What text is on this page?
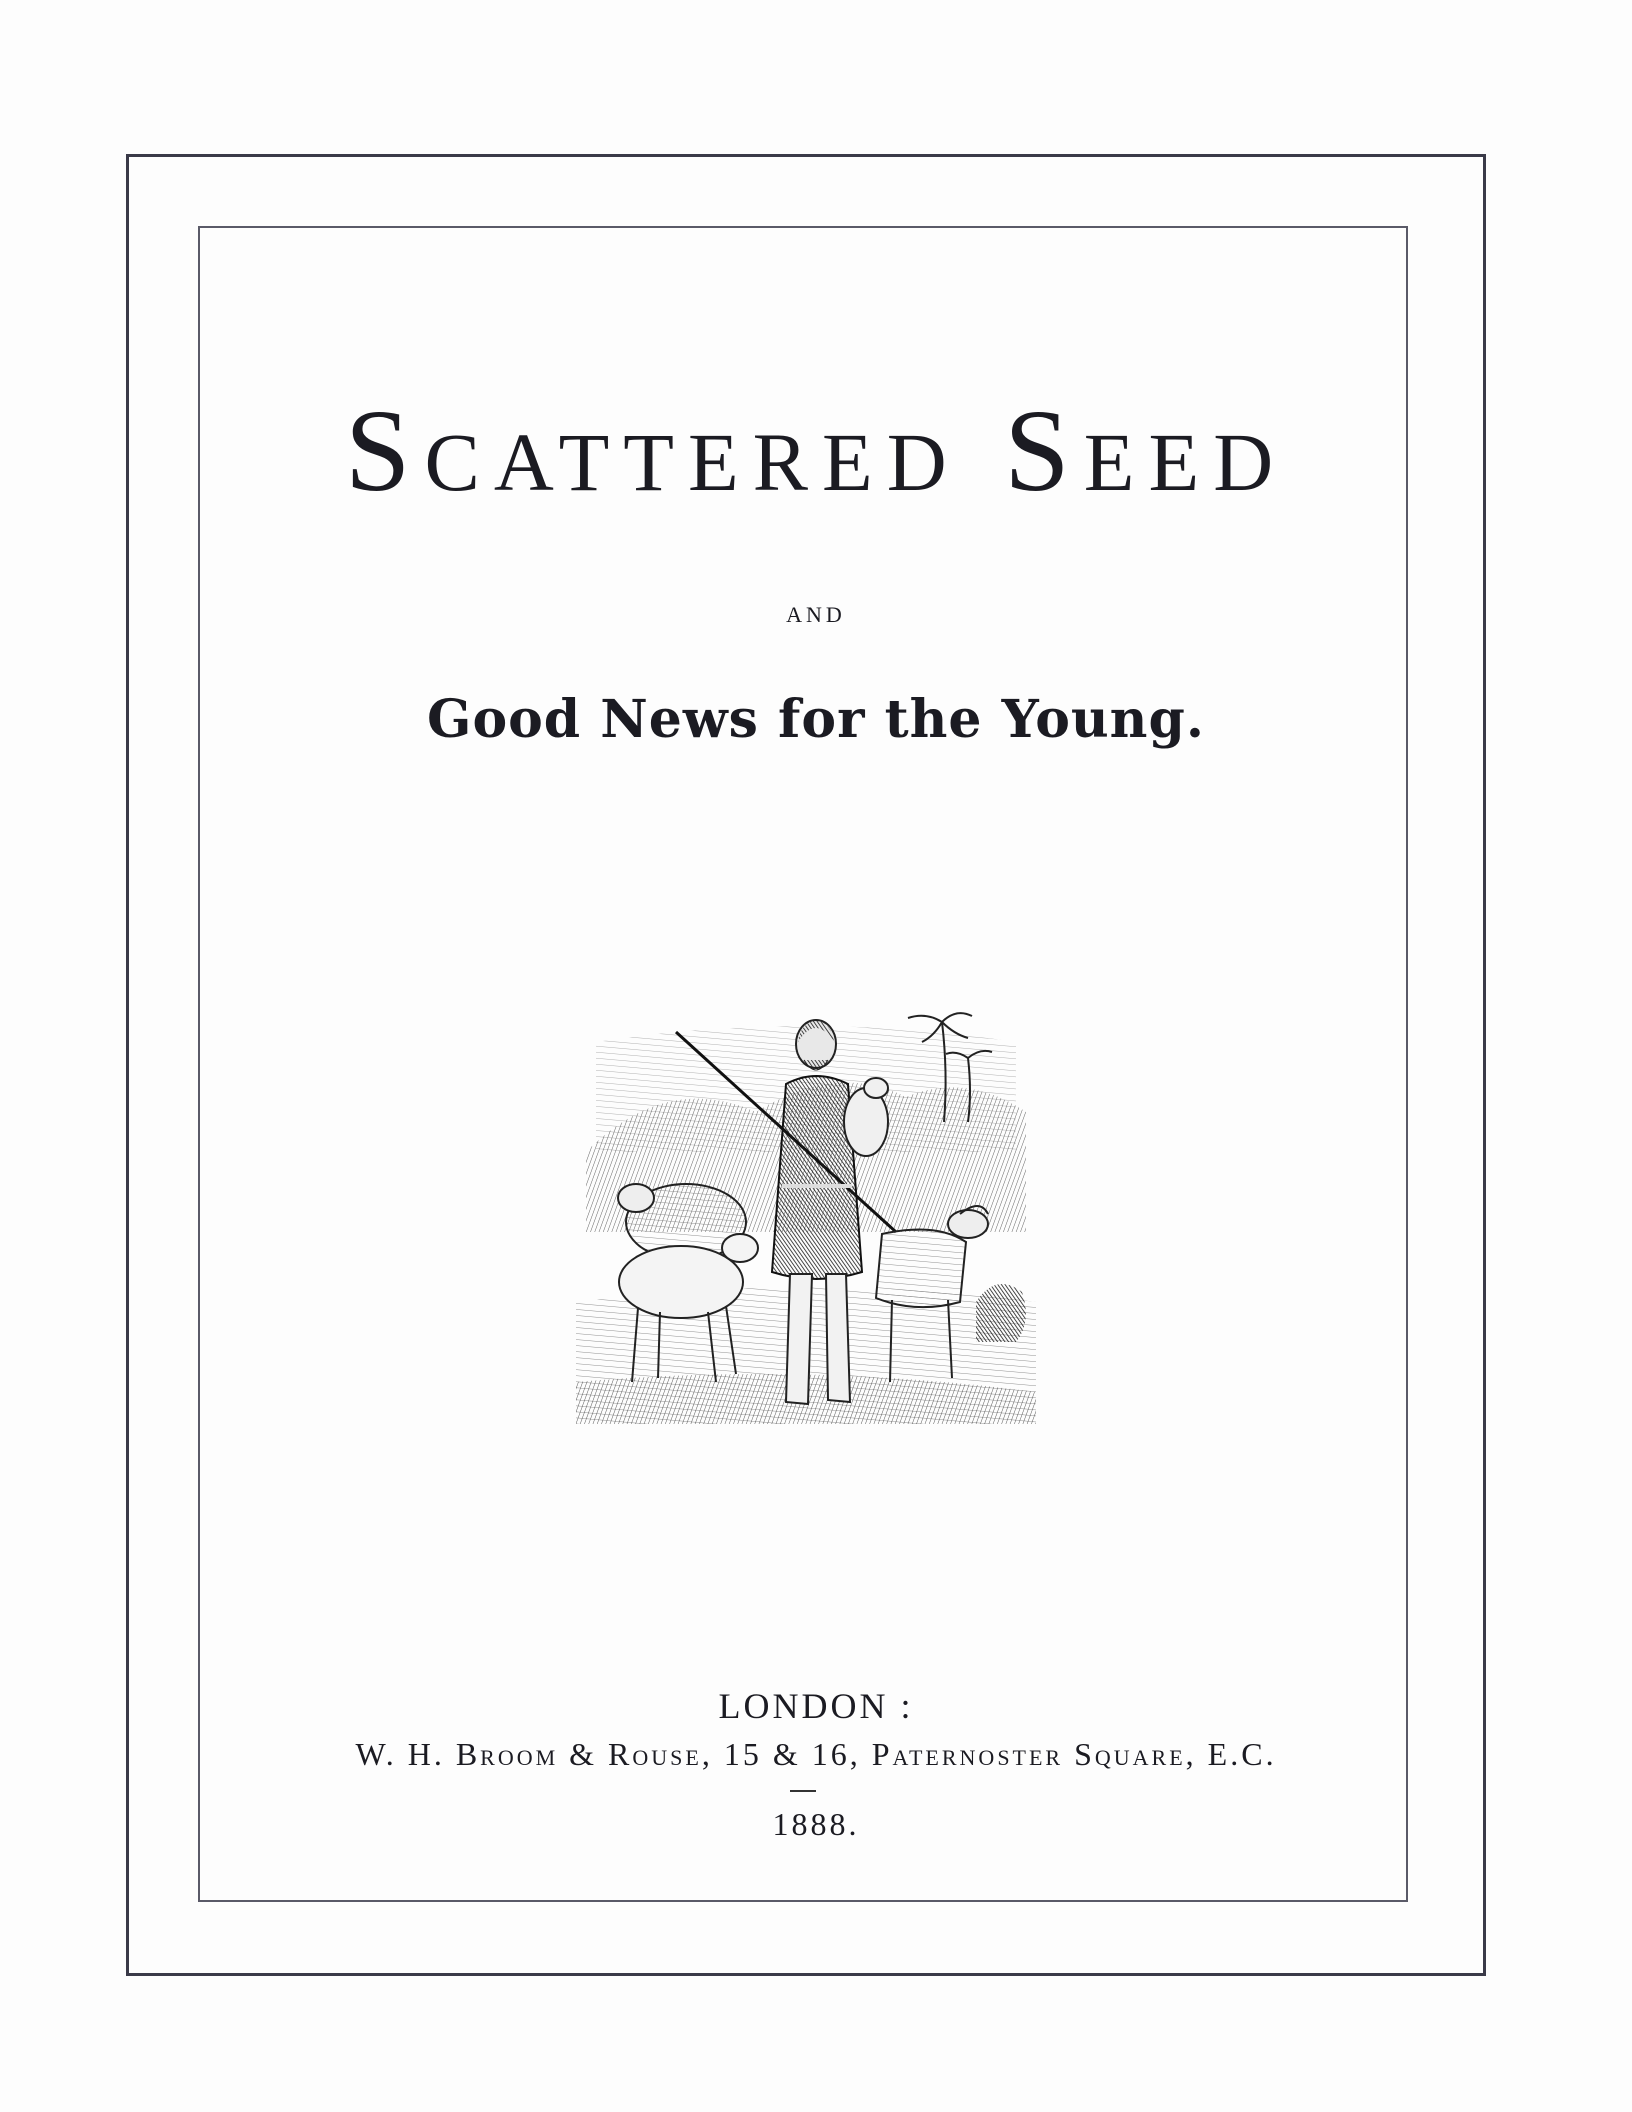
Scattered Seed
AND
Good News for the Young.
LONDON :
W. H. Broom & Rouse, 15 & 16, Paternoster Square, E.C.
1888.
